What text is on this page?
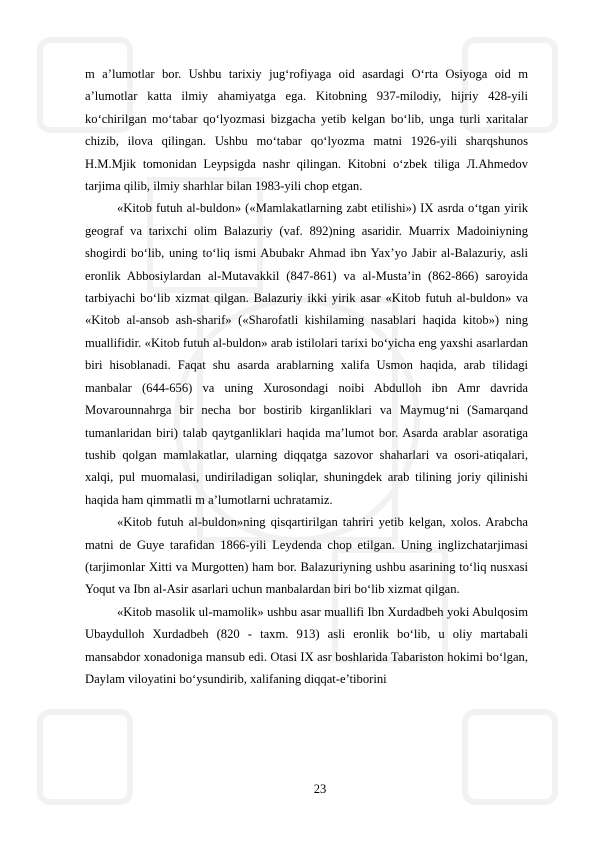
m a’lumotlar bor. Ushbu tarixiy jug‘rofiyaga oid asardagi O‘rta Osiyoga oid m a’lumotlar katta ilmiy ahamiyatga ega. Kitobning 937-milodiy, hijriy 428-yili ko‘chirilgan mo‘tabar qo‘lyozmasi bizgacha yetib kelgan bo‘lib, unga turli xaritalar chizib, ilova qilingan. Ushbu mo‘tabar qo‘lyozma matni 1926-yili sharqshunos H.M.Mjik tomonidan Leypsigda nashr qilingan. Kitobni o‘zbek tiliga Л.Ahmedov tarjima qilib, ilmiy sharhlar bilan 1983-yili chop etgan.

«Kitob futuh al-buldon» («Mamlakatlarning zabt etilishi») IX asrda o‘tgan yirik geograf va tarixchi olim Balazuriy (vaf. 892)ning asaridir. Muarrix Madoiniyning shogirdi bo‘lib, uning to‘liq ismi Abubakr Ahmad ibn Yax’yo Jabir al-Balazuriy, asli eronlik Abbosiylardan al-Mutavakkil (847-861) va al-Musta’in (862-866) saroyida tarbiyachi bo‘lib xizmat qilgan. Balazuriy ikki yirik asar «Kitob futuh al-buldon» va «Kitob al-ansob ash-sharif» («Sharofatli kishilaming nasablari haqida kitob») ning muallifidir. «Kitob futuh al-buldon» arab istilolari tarixi bo‘yicha eng yaxshi asarlardan biri hisoblanadi. Faqat shu asarda arablarning xalifa Usmon haqida, arab tilidagi manbalar (644-656) va uning Xurosondagi noibi Abdulloh ibn Amr davrida Movarounnahrga bir necha bor bostirib kirganliklari va Maymug‘ni (Samarqand tumanlaridan biri) talab qaytganliklari haqida ma’lumot bor. Asarda arablar asoratiga tushib qolgan mamlakatlar, ularning diqqatga sazovor shaharlari va osori-atiqalari, xalqi, pul muomalasi, undiriladigan soliqlar, shuningdek arab tilining joriy qilinishi haqida ham qimmatli m a’lumotlarni uchratamiz.

«Kitob futuh al-buldon»ning qisqartirilgan tahriri yetib kelgan, xolos. Arabcha matni de Guye tarafidan 1866-yili Leydenda chop etilgan. Uning inglizchatarjimasi (tarjimonlar Xitti va Murgotten) ham bor. Balazuriyning ushbu asarining to‘liq nusxasi Yoqut va Ibn al-Asir asarlari uchun manbalardan biri bo‘lib xizmat qilgan.

«Kitob masolik ul-mamolik» ushbu asar muallifi Ibn Xurdadbeh yoki Abulqosim Ubaydulloh Xurdadbeh (820 - taxm. 913) asli eronlik bo‘lib, u oliy martabali mansabdor xonadoniga mansub edi. Otasi IX asr boshlarida Tabariston hokimi bo‘lgan, Daylam viloyatini bo‘ysundirib, xalifaning diqqat-e’tiborini

23
